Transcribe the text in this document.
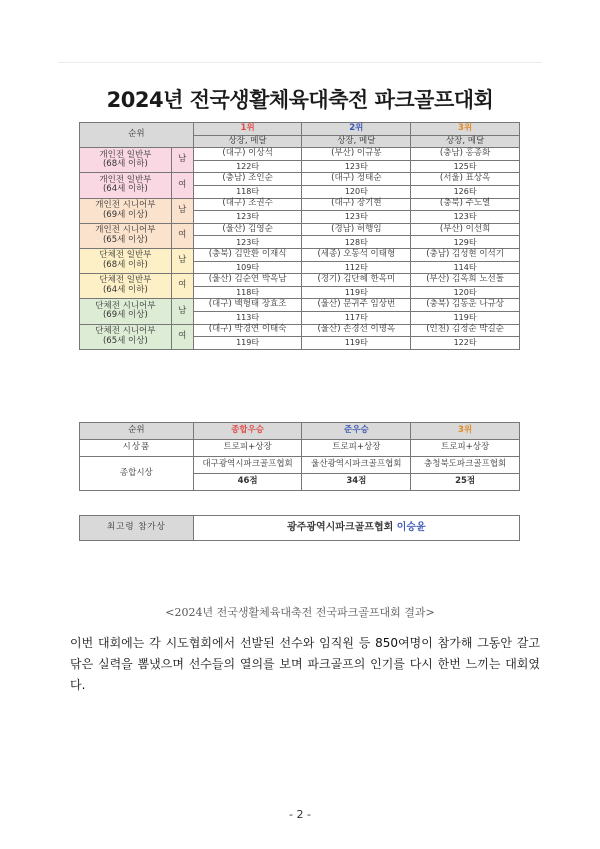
2024년 전국생활체육대축전 파크골프대회
순위		1위	2위	3위
		상장, 메달	상장, 메달	상장, 메달

개인전 일반부
(68세 이하)	남	(대구) 이상석	(부산) 이규봉	(충남) 홍종화
		122타	123타	125타

개인전 일반부
(64세 이하)	여	(충남) 조인순	(대구) 정태순	(서울) 표상옥
		118타	120타	126타

개인전 시니어부
(69세 이상)	남	(대구) 조권수	(대구) 장기현	(충북) 주노열
		123타	123타	123타

개인전 시니어부
(65세 이상)	여	(울산) 김영순	(경남) 허행임	(부산) 이선희
		123타	128타	129타

단체전 일반부
(68세 이하)	남	(충북) 김만환 이재식	(세종) 오동석 이태형	(충남) 김성현 이석기
		109타	112타	114타

단체전 일반부
(64세 이하)	여	(울산) 김순연 박옥남	(경기) 김단혜 한옥미	(부산) 김옥희 노선돌
		118타	119타	120타

단체전 시니어부
(69세 이상)	남	(대구) 백형태 장효조	(울산) 문귀주 임상번	(충북) 김동운 나규상
		113타	117타	119타

단체전 시니어부
(65세 이상)	여	(대구) 박경연 이태숙	(울산) 손경선 이명옥	(인천) 김정순 박길순
		119타	119타	122타
순위	종합우승	준우승	3위
시상품	트로피+상장	트로피+상장	트로피+상장
종합시상	대구광역시파크골프협회	울산광역시파크골프협회	충청북도파크골프협회
	46점	34점	25점
최고령 참가상	광주광역시파크골프협회 이승윤
<2024년 전국생활체육대축전 전국파크골프대회 결과>
이번 대회에는 각 시도협회에서 선발된 선수와 임직원 등 850여명이 참가해 그동안 갈고 닦은 실력을 뽐냈으며 선수들의 열의를 보며 파크골프의 인기를 다시 한번 느끼는 대회였다.
- 2 -
